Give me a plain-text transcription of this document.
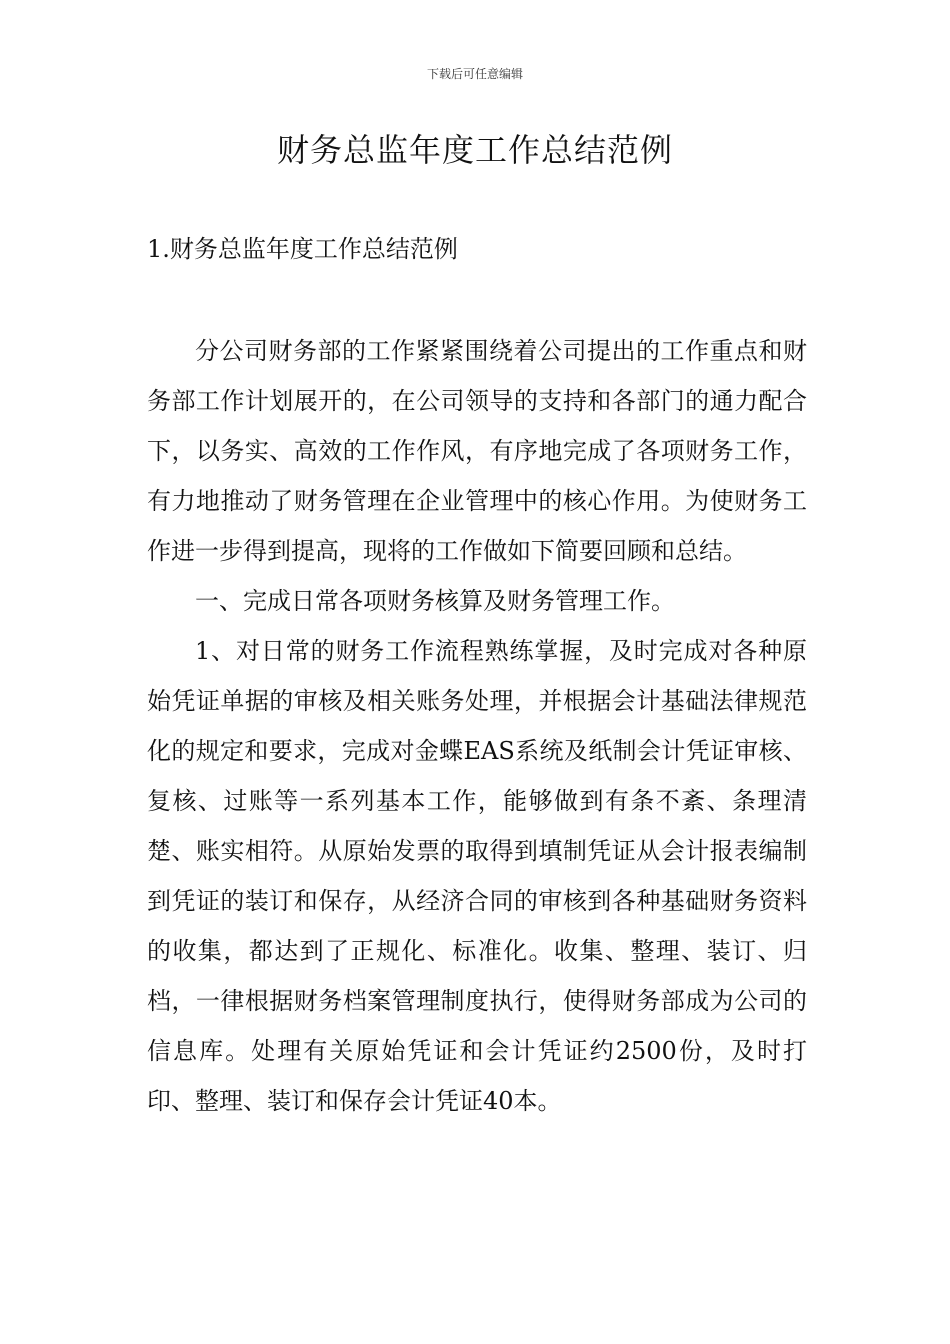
下载后可任意编辑
财务总监年度工作总结范例
1.财务总监年度工作总结范例

分公司财务部的工作紧紧围绕着公司提出的工作重点和财务部工作计划展开的，在公司领导的支持和各部门的通力配合下，以务实、高效的工作作风，有序地完成了各项财务工作，有力地推动了财务管理在企业管理中的核心作用。为使财务工作进一步得到提高，现将的工作做如下简要回顾和总结。

一、完成日常各项财务核算及财务管理工作。

1、对日常的财务工作流程熟练掌握，及时完成对各种原始凭证单据的审核及相关账务处理，并根据会计基础法律规范化的规定和要求，完成对金蝶EAS系统及纸制会计凭证审核、复核、过账等一系列基本工作，能够做到有条不紊、条理清楚、账实相符。从原始发票的取得到填制凭证从会计报表编制到凭证的装订和保存，从经济合同的审核到各种基础财务资料的收集，都达到了正规化、标准化。收集、整理、装订、归档，一律根据财务档案管理制度执行，使得财务部成为公司的信息库。处理有关原始凭证和会计凭证约2500份，及时打印、整理、装订和保存会计凭证40本。
